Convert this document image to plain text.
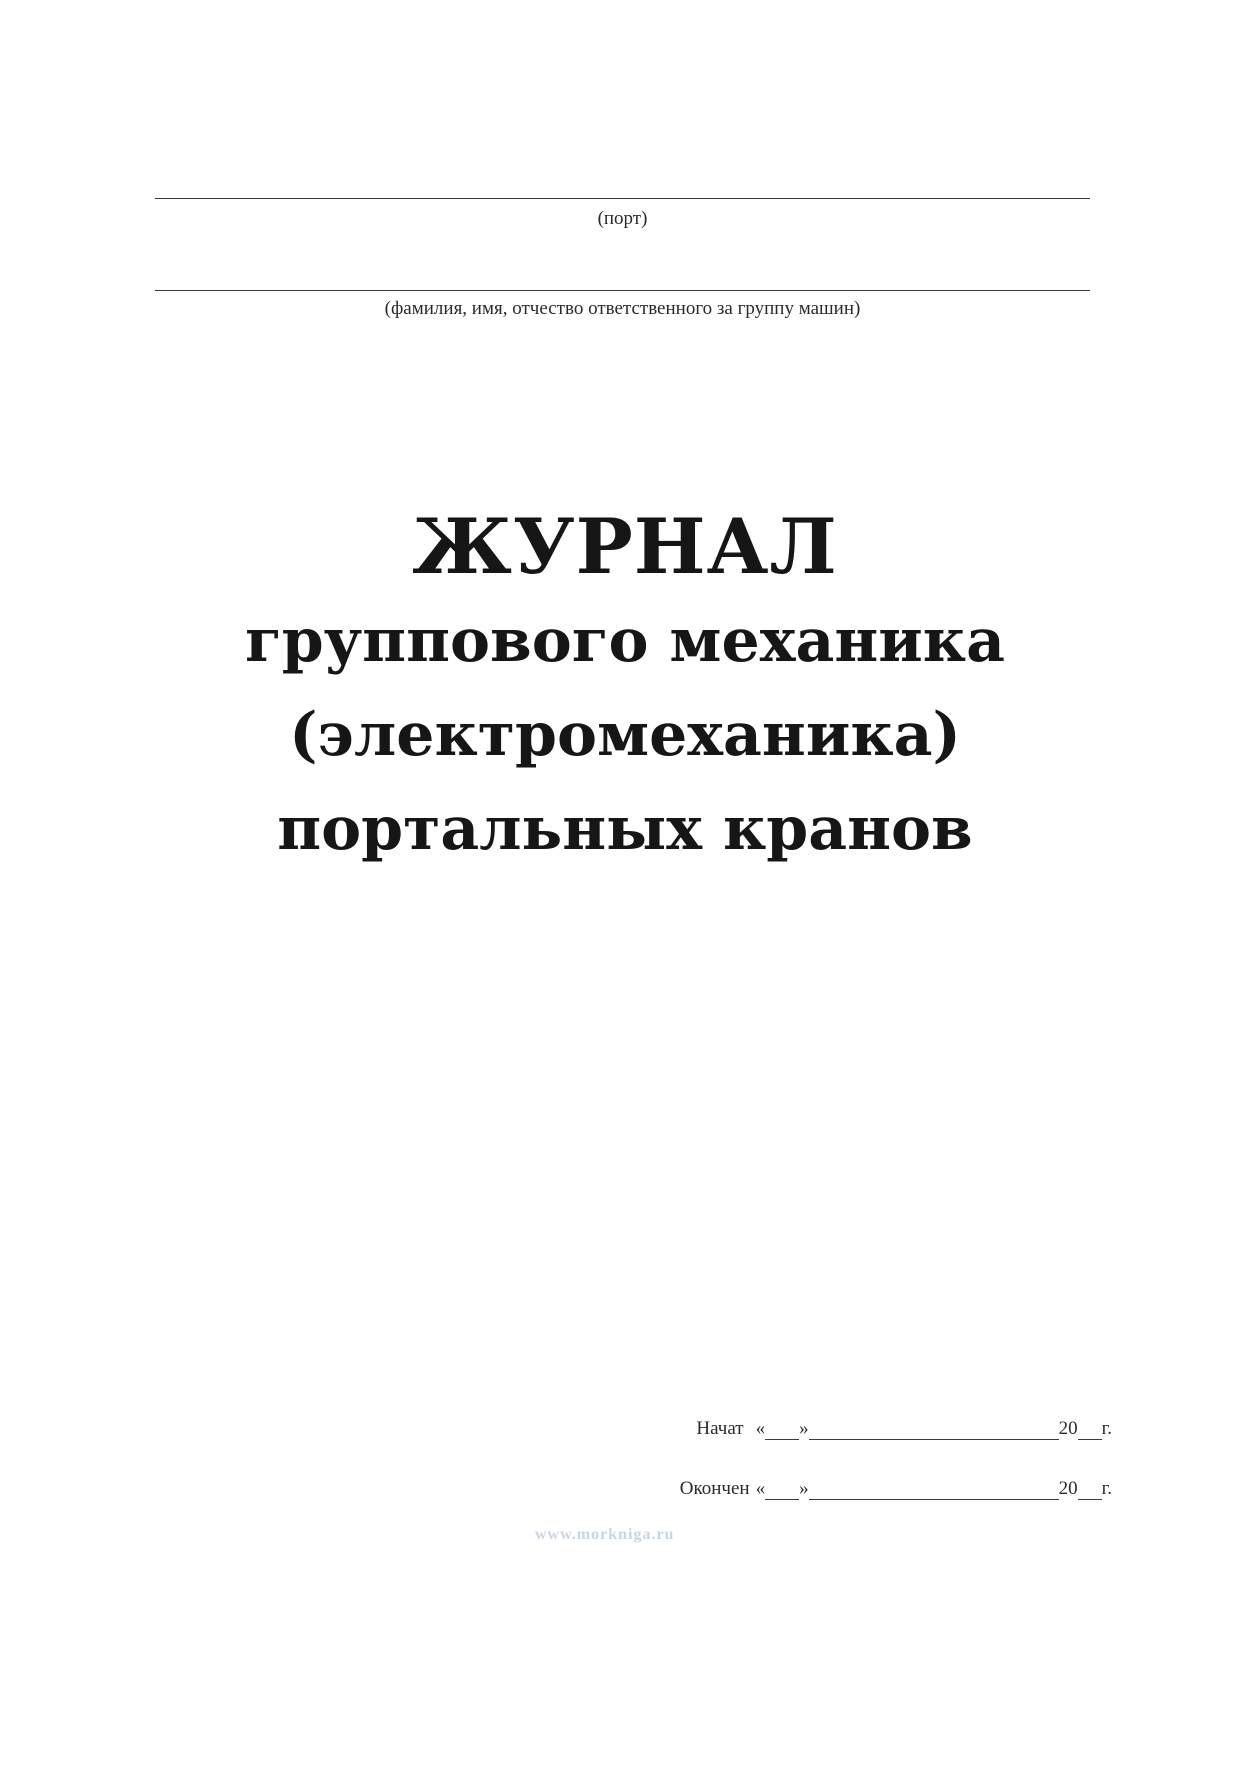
(порт)
(фамилия, имя, отчество ответственного за группу машин)
ЖУРНАЛ
группового механика
(электромеханика)
портальных кранов
Начат « »	20 г.
Окончен « »	20 г.
www.morkniga.ru
